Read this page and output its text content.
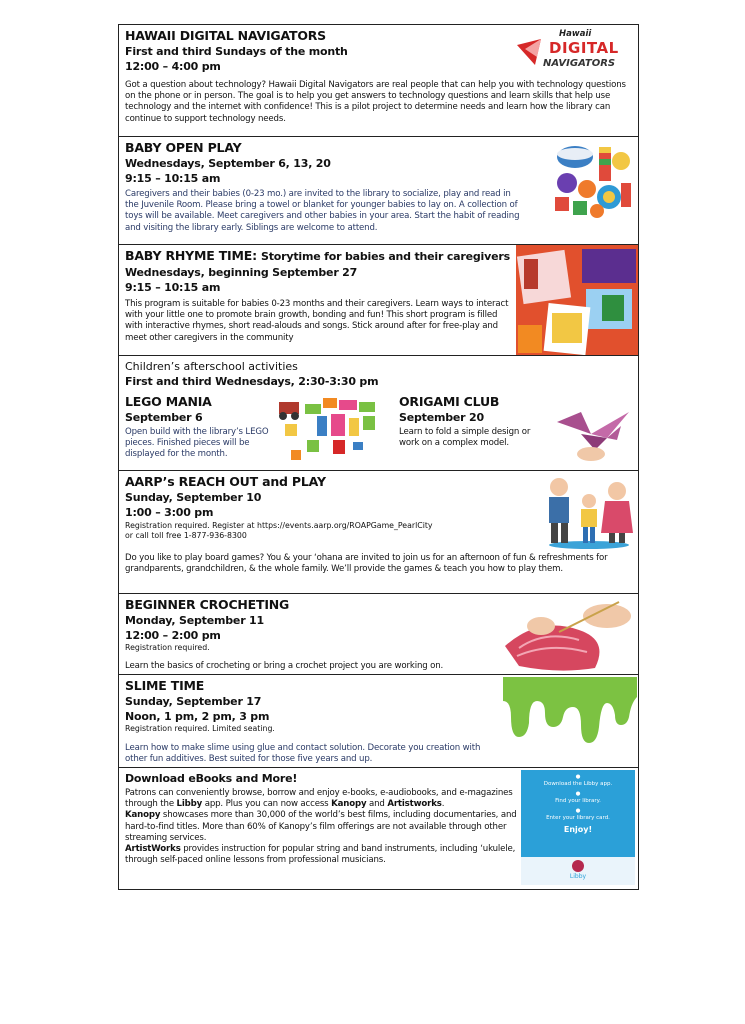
HAWAII DIGITAL NAVIGATORS
First and third Sundays of the month
12:00 – 4:00 pm
Got a question about technology? Hawaii Digital Navigators are real people that can help you with technology questions on the phone or in person. The goal is to help you get answers to technology questions and learn skills that help use technology and the internet with confidence! This is a pilot project to determine needs and learn how the library can continue to support technology needs.
Hawaii
DIGITAL
NAVIGATORS
BABY OPEN PLAY
Wednesdays, September 6, 13, 20
9:15 – 10:15 am
Caregivers and their babies (0-23 mo.) are invited to the library to socialize, play and read in the Juvenile Room. Please bring a towel or blanket for younger babies to lay on. A collection of toys will be available. Meet caregivers and other babies in your area. Start the habit of reading and visiting the library early. Siblings are welcome to attend.
BABY RHYME TIME: Storytime for babies and their caregivers
Wednesdays, beginning September 27
9:15 – 10:15 am
This program is suitable for babies 0-23 months and their caregivers. Learn ways to interact with your little one to promote brain growth, bonding and fun! This short program is filled with interactive rhymes, short read-alouds and songs. Stick around after for free-play and meet other caregivers in the community
Children’s afterschool activities
First and third Wednesdays, 2:30-3:30 pm
LEGO MANIA
September 6
Open build with the library’s LEGO pieces. Finished pieces will be displayed for the month.
ORIGAMI CLUB
September 20
Learn to fold a simple design or work on a complex model.
AARP’s REACH OUT and PLAY
Sunday, September 10
1:00 – 3:00 pm
Registration required. Register at https://events.aarp.org/ROAPGame_PearlCity
or call toll free 1-877-936-8300
Do you like to play board games? You & your ‘ohana are invited to join us for an afternoon of fun & refreshments for grandparents, grandchildren, & the whole family. We’ll provide the games & teach you how to play them.
BEGINNER CROCHETING
Monday, September 11
12:00 – 2:00 pm
Registration required.
Learn the basics of crocheting or bring a crochet project you are working on.
SLIME TIME
Sunday, September 17
Noon, 1 pm, 2 pm, 3 pm
Registration required. Limited seating.
Learn how to make slime using glue and contact solution. Decorate you creation with other fun additives. Best suited for those five years and up.
Download eBooks and More!
Patrons can conveniently browse, borrow and enjoy e-books, e-audiobooks, and e-magazines through the Libby app. Plus you can now access Kanopy and Artistworks.
Kanopy showcases more than 30,000 of the world’s best films, including documentaries, and hard-to-find titles. More than 60% of Kanopy’s film offerings are not available through other streaming services.
ArtistWorks provides instruction for popular string and band instruments, including ‘ukulele, through self-paced online lessons from professional musicians.
●
Download the Libby app.
●
Find your library.
●
Enter your library card.
Enjoy!
Libby
